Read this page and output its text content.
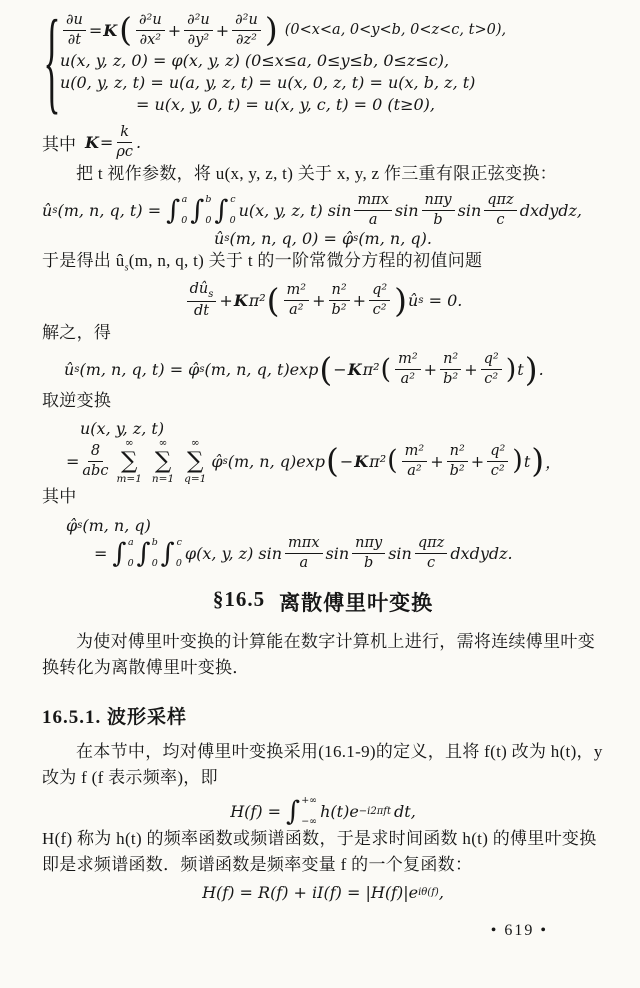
{ $\frac{\partial u}{\partial t} = K$ ( $\frac{\text{∂²u}}{\text{∂x²}} + \frac{\text{∂²u}}{\text{∂y²}} + \frac{\text{∂²u}}{\text{∂z²}}$ ) (0<x<a, 0<y<b, 0<z<c, t>0),
u(x, y, z, 0) = φ(x, y, z) (0≤x≤a, 0≤y≤b, 0≤z≤c),
u(0, y, z, t) = u(a, y, z, t) = u(x, 0, z, t) = u(x, b, z, t)
= u(x, y, 0, t) = u(x, y, c, t) = 0 (t≥0),
其中 $K = \frac{k}{\rho c}$ .

把 t 视作参数，将 u(x, y, z, t) 关于 x, y, z 作三重有限正弦变换：

û s (m, n, q, t) = ∫ a
0 ∫ b
0 ∫ c
0
u(x, y, z, t) $\sin \frac{\text{mπx}}{a}$ $\sin \frac{\text{nπy}}{b}$ $\sin \frac{\text{qπz}}{c}$ dxdydz,
û s (m, n, q, 0) = φ̂ s (m, n, q).

于是得出 $û_s(m$, n, q, t) 关于 t 的一阶常微分方程的初值问题

$\frac{dû_s}{dt} + K$ π² ( $\frac{\text{m²}}{\text{a²}} + \frac{\text{n²}}{\text{b²}} + \frac{\text{q²}}{\text{c²}}$ ) û s = 0.

解之，得

û s (m, n, q, t) = φ̂ s (m, n, q, t)exp ( − K π² ( $\frac{\text{m²}}{\text{a²}} + \frac{\text{n²}}{\text{b²}} + \frac{\text{q²}}{\text{c²}}$ ) t ) .

取逆变换

u(x, y, z, t)
= $\frac{8}{\text{abc}}$ ∞
∑
m=1
∞
∑
n=1
∞
∑
q=1
φ̂ s (m, n, q)exp ( − K π² ( $\frac{\text{m²}}{\text{a²}} + \frac{\text{n²}}{\text{b²}} + \frac{\text{q²}}{\text{c²}}$ ) t ) ，

其中

φ̂ s (m, n, q)
= ∫ a
0 ∫ b
0 ∫ c
0
φ(x, y, z) $\sin \frac{\text{mπx}}{a}$ $\sin \frac{\text{nπy}}{b}$ $\sin \frac{\text{qπz}}{c}$ dxdydz.
§16.5 离散傅里叶变换

为使对傅里叶变换的计算能在数字计算机上进行，需将连续傅里叶变换转化为离散傅里叶变换．

16.5.1. 波形采样

在本节中，均对傅里叶变换采用(16.1-9)的定义，且将 f(t) 改为 h(t)，y 改为 f (f 表示频率)，即

H(f) = ∫ +∞
−∞
h(t)e −i2πft dt,

H(f) 称为 h(t) 的频率函数或频谱函数，于是求时间函数 h(t) 的傅里叶变换即是求频谱函数．频谱函数是频率变量 f 的一个复函数：

H(f) = R(f) + iI(f) = |H(f)|e iθ(f) ,
• 619 •
